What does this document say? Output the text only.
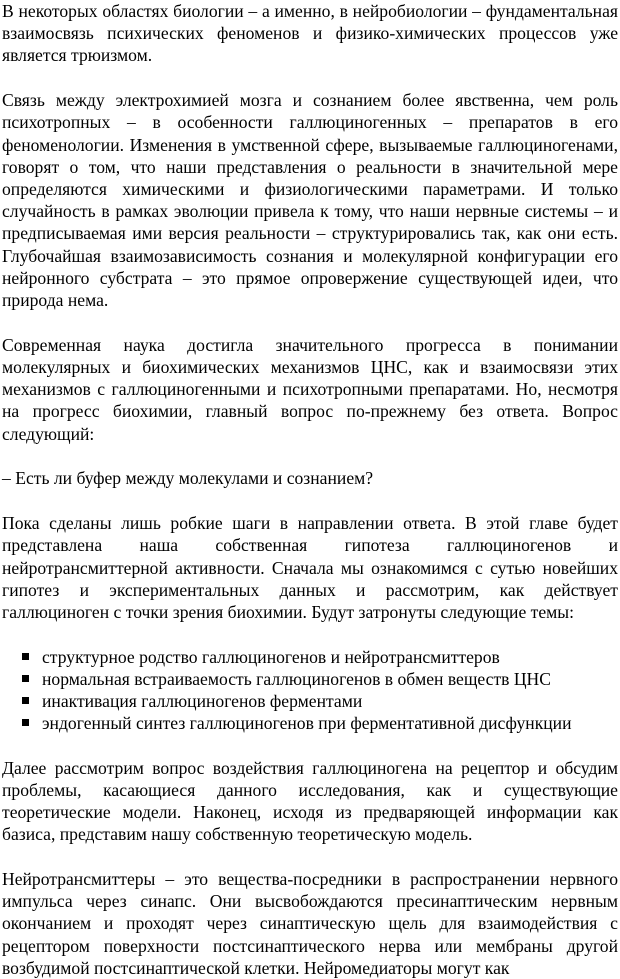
В некоторых областях биологии – а именно, в нейробиологии – фундаментальная взаимосвязь психических феноменов и физико-химических процессов уже является трюизмом.

Связь между электрохимией мозга и сознанием более явственна, чем роль психотропных – в особенности галлюциногенных – препаратов в его феноменологии. Изменения в умственной сфере, вызываемые галлюциногенами, говорят о том, что наши представления о реальности в значительной мере определяются химическими и физиологическими параметрами. И только случайность в рамках эволюции привела к тому, что наши нервные системы – и предписываемая ими версия реальности – структурировались так, как они есть. Глубочайшая взаимозависимость сознания и молекулярной конфигурации его нейронного субстрата – это прямое опровержение существующей идеи, что природа нема.

Современная наука достигла значительного прогресса в понимании молекулярных и биохимических механизмов ЦНС, как и взаимосвязи этих механизмов с галлюциногенными и психотропными препаратами. Но, несмотря на прогресс биохимии, главный вопрос по-прежнему без ответа. Вопрос следующий:

– Есть ли буфер между молекулами и сознанием?

Пока сделаны лишь робкие шаги в направлении ответа. В этой главе будет представлена наша собственная гипотеза галлюциногенов и нейротрансмиттерной активности. Сначала мы ознакомимся с сутью новейших гипотез и экспериментальных данных и рассмотрим, как действует галлюциноген с точки зрения биохимии. Будут затронуты следующие темы:

структурное родство галлюциногенов и нейротрансмиттеров
нормальная встраиваемость галлюциногенов в обмен веществ ЦНС
инактивация галлюциногенов ферментами
эндогенный синтез галлюциногенов при ферментативной дисфункции

Далее рассмотрим вопрос воздействия галлюциногена на рецептор и обсудим проблемы, касающиеся данного исследования, как и существующие теоретические модели. Наконец, исходя из предваряющей информации как базиса, представим нашу собственную теоретическую модель.

Нейротрансмиттеры – это вещества-посредники в распространении нервного импульса через синапс. Они высвобождаются пресинаптическим нервным окончанием и проходят через синаптическую щель для взаимодействия с рецептором поверхности постсинаптического нерва или мембраны другой возбудимой постсинаптической клетки. Нейромедиаторы могут как
